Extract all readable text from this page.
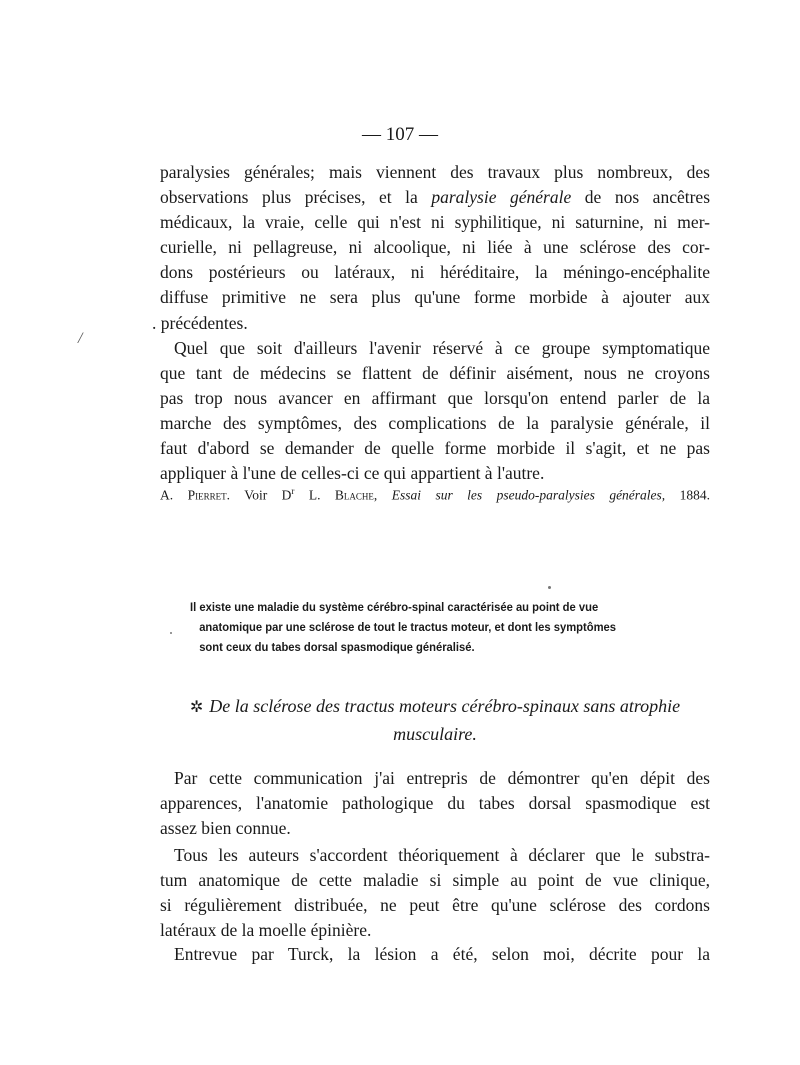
— 107 —
paralysies générales; mais viennent des travaux plus nombreux, des
observations plus précises, et la paralysie générale de nos ancêtres
médicaux, la vraie, celle qui n'est ni syphilitique, ni saturnine, ni mer-
curielle, ni pellagreuse, ni alcoolique, ni liée à une sclérose des cor-
dons postérieurs ou latéraux, ni héréditaire, la méningo-encéphalite
diffuse primitive ne sera plus qu'une forme morbide à ajouter aux
. précédentes.
/	Quel que soit d'ailleurs l'avenir réservé à ce groupe symptomatique
que tant de médecins se flattent de définir aisément, nous ne croyons
pas trop nous avancer en affirmant que lorsqu'on entend parler de la
marche des symptômes, des complications de la paralysie générale, il
faut d'abord se demander de quelle forme morbide il s'agit, et ne pas
appliquer à l'une de celles-ci ce qui appartient à l'autre.
A. Pierret. Voir $D^r$ L. Blache, Essai sur les pseudo-paralysies générales, 1884.
Il existe une maladie du système cérébro-spinal caractérisée au point de vue
anatomique par une sclérose de tout le tractus moteur, et dont les symptômes
sont ceux du tabes dorsal spasmodique généralisé.
✲ De la sclérose des tractus moteurs cérébro-spinaux sans atrophie
musculaire.
Par cette communication j'ai entrepris de démontrer qu'en dépit des
apparences, l'anatomie pathologique du tabes dorsal spasmodique est
assez bien connue.
Tous les auteurs s'accordent théoriquement à déclarer que le substra-
tum anatomique de cette maladie si simple au point de vue clinique,
si régulièrement distribuée, ne peut être qu'une sclérose des cordons
latéraux de la moelle épinière.
Entrevue par Turck, la lésion a été, selon moi, décrite pour la
